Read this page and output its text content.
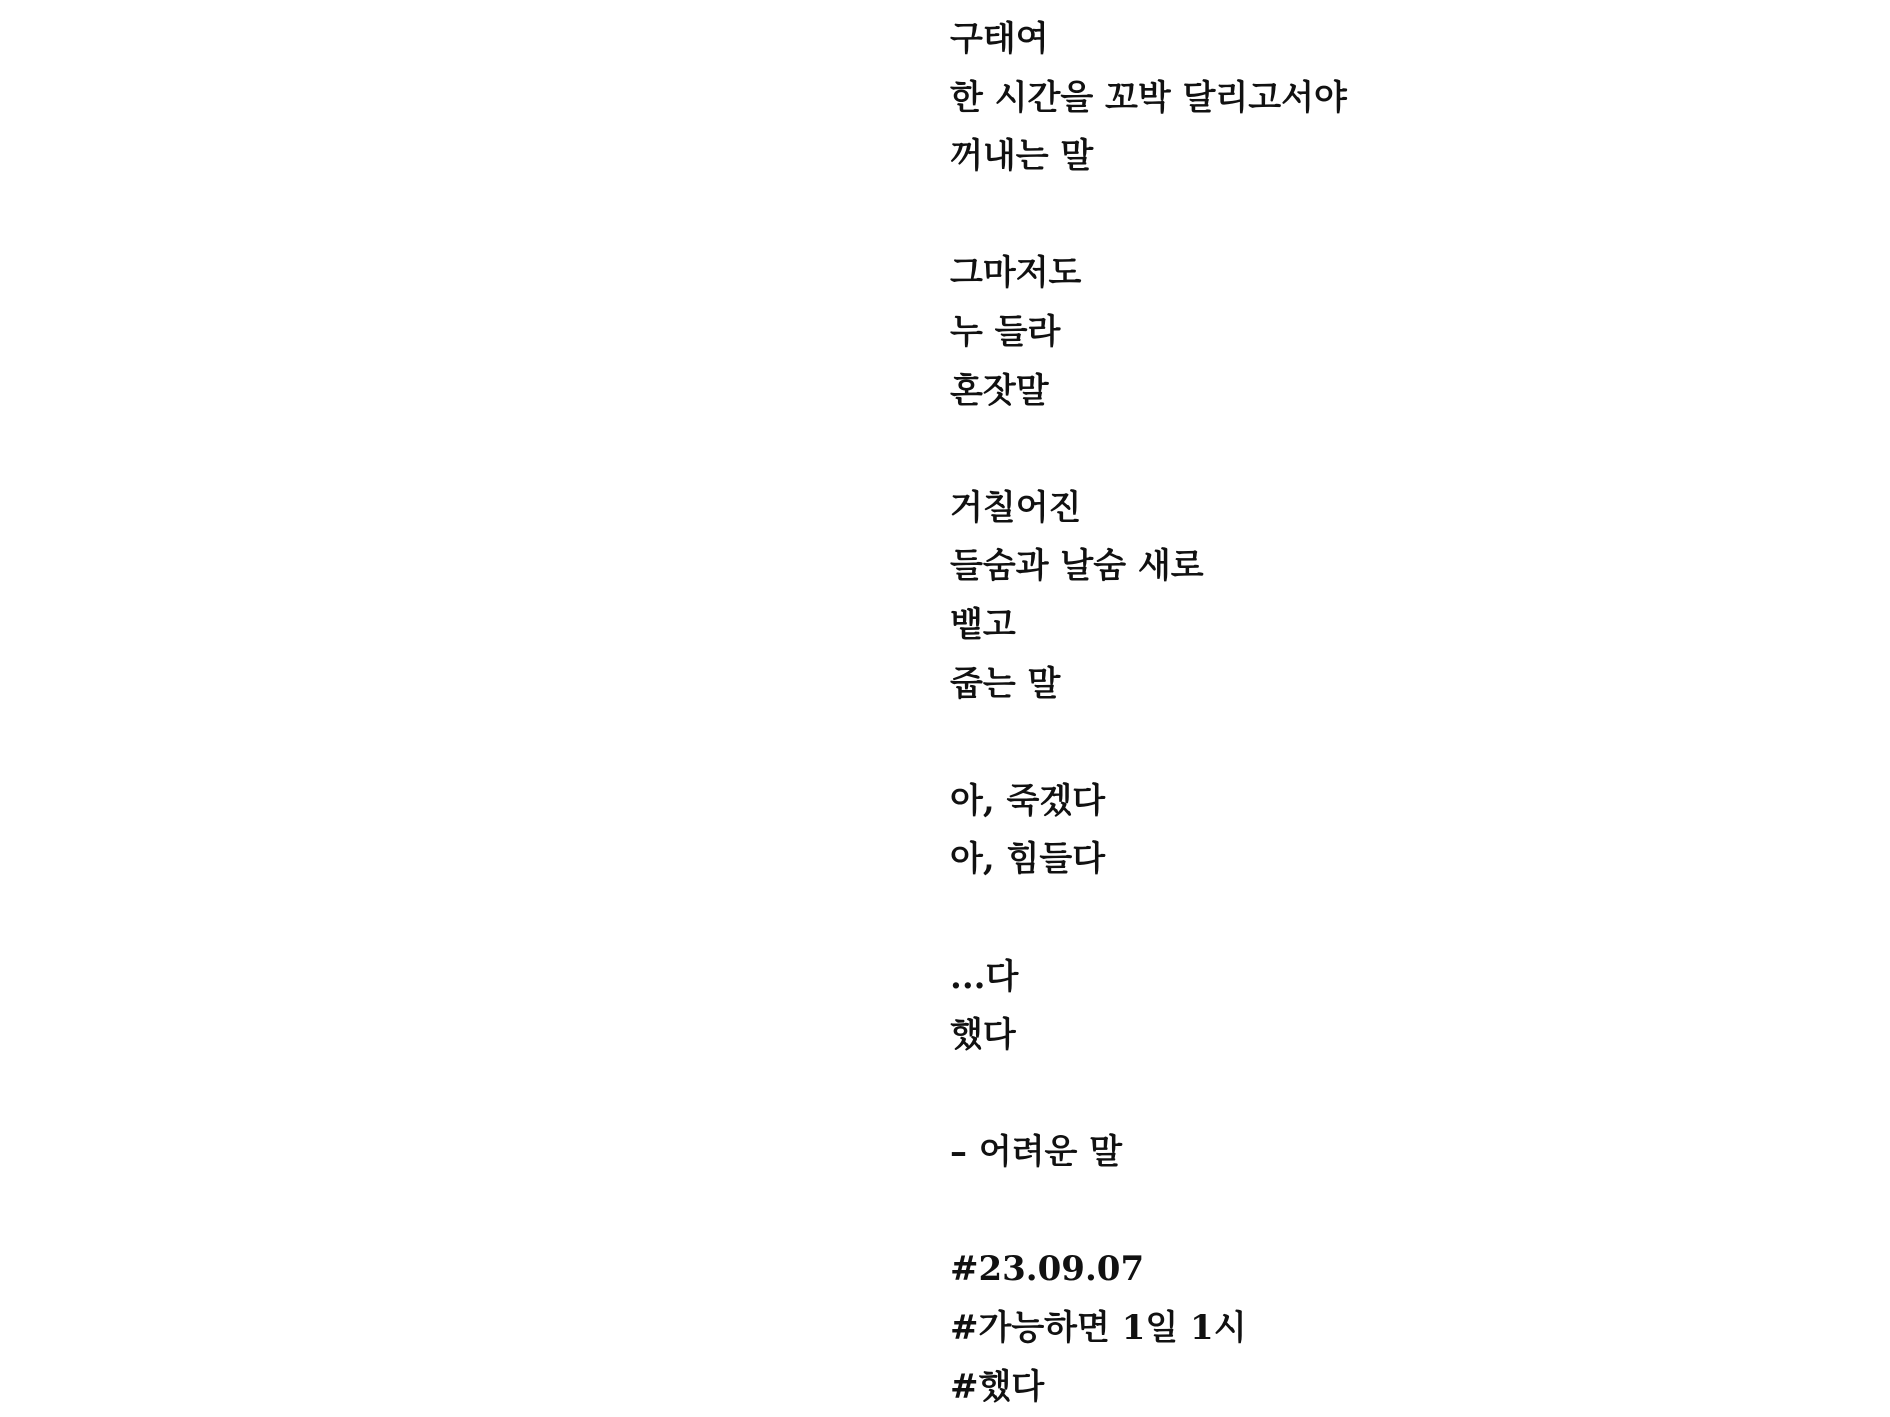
구태여
한 시간을 꼬박 달리고서야
꺼내는 말
그마저도
누 들라
혼잣말
거칠어진
들숨과 날숨 새로
뱉고
줍는 말
아, 죽겠다
아, 힘들다
...다
했다
– 어려운 말
#23.09.07
#가능하면 1일 1시
#했다
